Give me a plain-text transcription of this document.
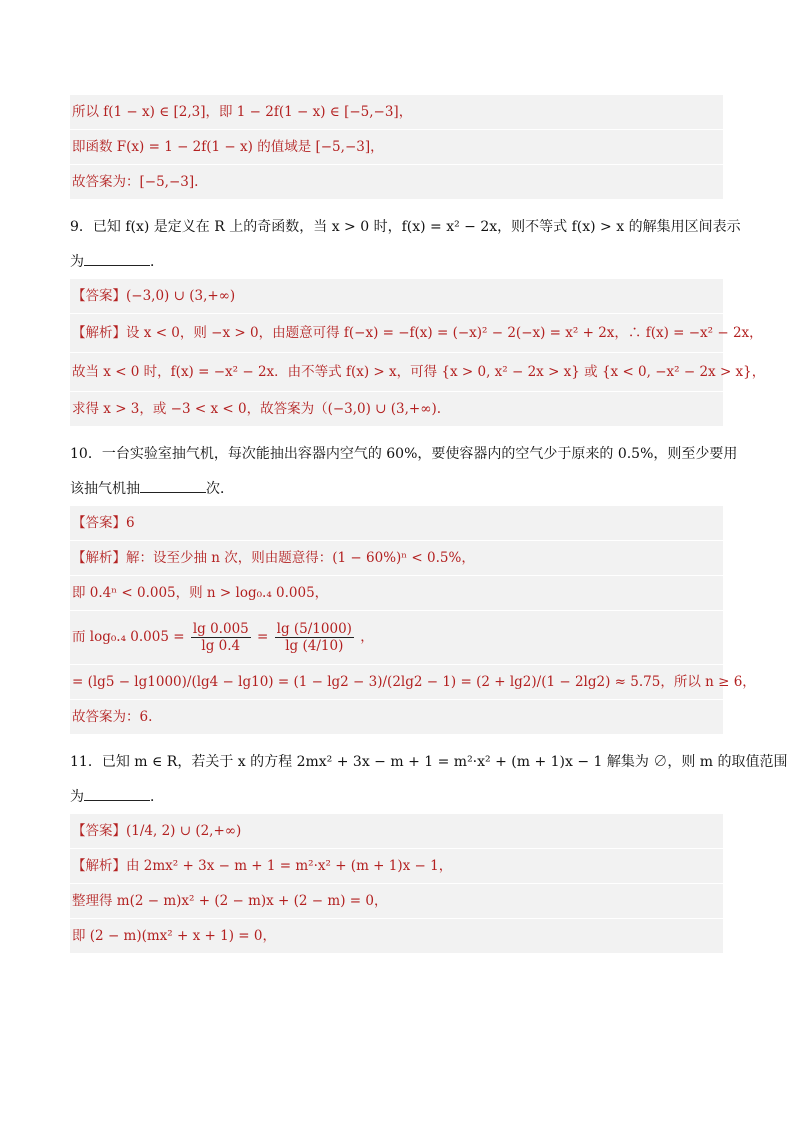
所以 f(1 − x) ∈ [2,3]，即 1 − 2f(1 − x) ∈ [−5,−3]，
即函数 F(x) = 1 − 2f(1 − x) 的值域是 [−5,−3]，
故答案为：[−5,−3].
9．已知 f(x) 是定义在 R 上的奇函数，当 x > 0 时，f(x) = x² − 2x，则不等式 f(x) > x 的解集用区间表示
为	．
【答案】(−3,0) ∪ (3,+∞)
【解析】设 x < 0，则 −x > 0，由题意可得 f(−x) = −f(x) = (−x)² − 2(−x) = x² + 2x，∴ f(x) = −x² − 2x，
故当 x < 0 时，f(x) = −x² − 2x．由不等式 f(x) > x，可得 {x > 0, x² − 2x > x} 或 {x < 0, −x² − 2x > x}，
求得 x > 3，或 −3 < x < 0，故答案为（(−3,0) ∪ (3,+∞).
10．一台实验室抽气机，每次能抽出容器内空气的 60%，要使容器内的空气少于原来的 0.5%，则至少要用
该抽气机抽	次．
【答案】6
【解析】解：设至少抽 n 次，则由题意得：(1 − 60%)ⁿ < 0.5%，
即 0.4ⁿ < 0.005，则 n > log₀.₄ 0.005，
而 log₀.₄ $0.005 = \frac{\lg 0.005}{\lg 0.4} = \frac{\lg (5/1000)}{\lg (4/10)}$ ，
= (lg5 − lg1000)/(lg4 − lg10) = (1 − lg2 − 3)/(2lg2 − 1) = (2 + lg2)/(1 − 2lg2) ≈ 5.75，所以 n ≥ 6，
故答案为：6.
11．已知 m ∈ R，若关于 x 的方程 2mx² + 3x − m + 1 = m²·x² + (m + 1)x − 1 解集为 ∅，则 m 的取值范围
为	．
【答案】(1/4, 2) ∪ (2,+∞)
【解析】由 2mx² + 3x − m + 1 = m²·x² + (m + 1)x − 1，
整理得 m(2 − m)x² + (2 − m)x + (2 − m) = 0，
即 (2 − m)(mx² + x + 1) = 0，
